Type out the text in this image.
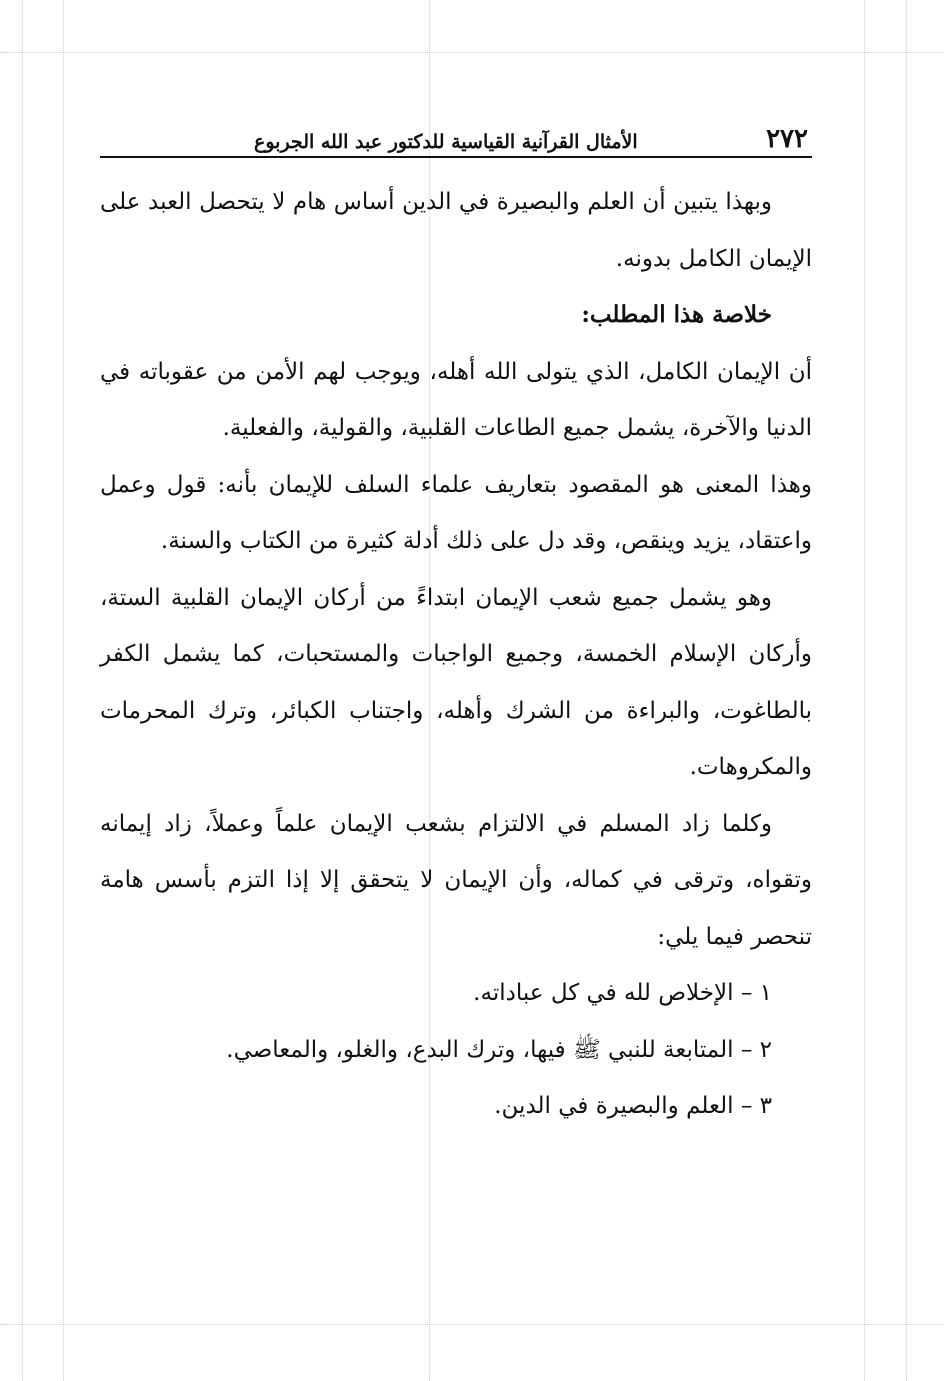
٢٧٢
الأمثال القرآنية القياسية للدكتور عبد الله الجربوع

وبهذا يتبين أن العلم والبصيرة في الدين أساس هام لا يتحصل العبد على الإيمان الكامل بدونه.

خلاصة هذا المطلب:

أن الإيمان الكامل، الذي يتولى الله أهله، ويوجب لهم الأمن من عقوباته في الدنيا والآخرة، يشمل جميع الطاعات القلبية، والقولية، والفعلية.

وهذا المعنى هو المقصود بتعاريف علماء السلف للإيمان بأنه: قول وعمل واعتقاد، يزيد وينقص، وقد دل على ذلك أدلة كثيرة من الكتاب والسنة.

وهو يشمل جميع شعب الإيمان ابتداءً من أركان الإيمان القلبية الستة، وأركان الإسلام الخمسة، وجميع الواجبات والمستحبات، كما يشمل الكفر بالطاغوت، والبراءة من الشرك وأهله، واجتناب الكبائر، وترك المحرمات والمكروهات.

وكلما زاد المسلم في الالتزام بشعب الإيمان علماً وعملاً، زاد إيمانه وتقواه، وترقى في كماله، وأن الإيمان لا يتحقق إلا إذا التزم بأسس هامة تنحصر فيما يلي:

١ – الإخلاص لله في كل عباداته.

٢ – المتابعة للنبي ﷺ فيها، وترك البدع، والغلو، والمعاصي.

٣ – العلم والبصيرة في الدين.
